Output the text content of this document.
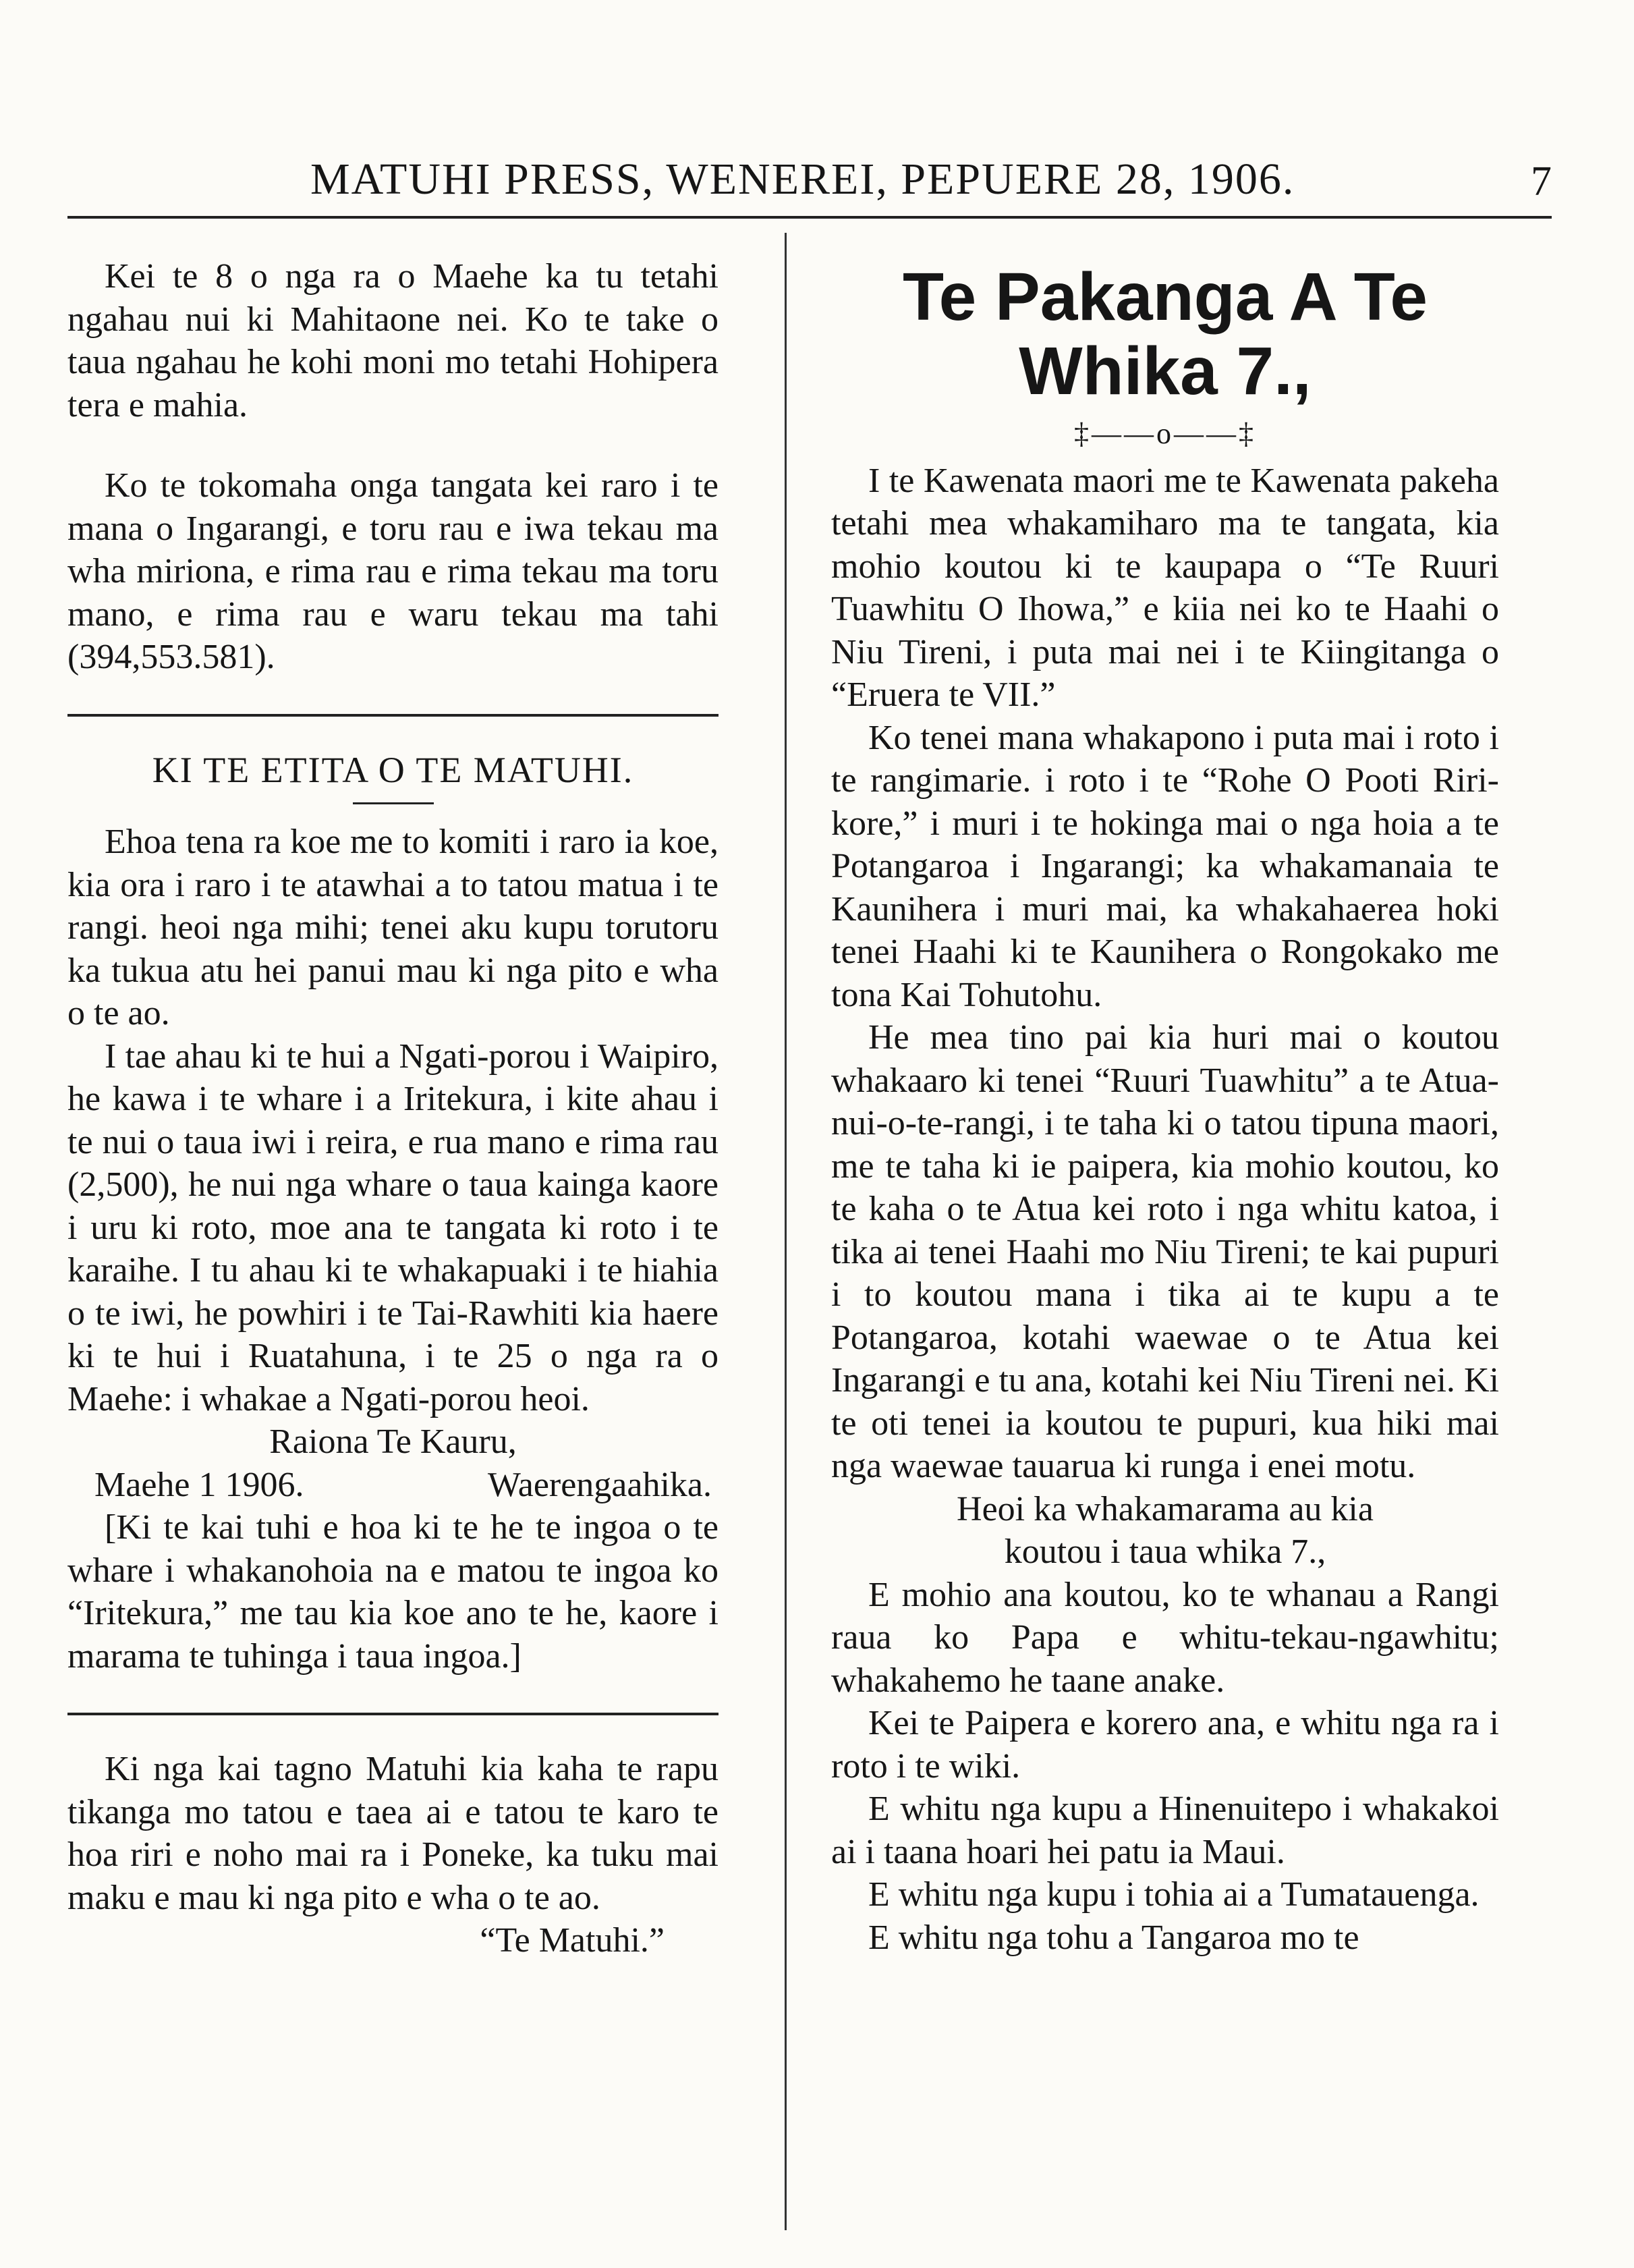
MATUHI PRESS, WENEREI, PEPUERE 28, 1906.	7

Kei te 8 o nga ra o Maehe ka tu tetahi ngahau nui ki Mahitaone nei. Ko te take o taua ngahau he kohi moni mo tetahi Hohipera tera e mahia.

Ko te tokomaha onga tangata kei raro i te mana o Ingarangi, e toru rau e iwa tekau ma wha miriona, e rima rau e rima tekau ma toru mano, e rima rau e waru tekau ma tahi (394,553.581).

KI TE ETITA O TE MATUHI.

Ehoa tena ra koe me to komiti i raro ia koe, kia ora i raro i te atawhai a to tatou matua i te rangi. heoi nga mihi; tenei aku kupu torutoru ka tukua atu hei panui mau ki nga pito e wha o te ao.

I tae ahau ki te hui a Ngati-porou i Waipiro, he kawa i te whare i a Iritekura, i kite ahau i te nui o taua iwi i reira, e rua mano e rima rau (2,500), he nui nga whare o taua kainga kaore i uru ki roto, moe ana te tangata ki roto i te karaihe. I tu ahau ki te whakapuaki i te hiahia o te iwi, he powhiri i te Tai-Rawhiti kia haere ki te hui i Ruatahuna, i te 25 o nga ra o Maehe: i whakae a Ngati-porou heoi.

Raiona Te Kauru,

Maehe 1 1906.	Waerengaahika.

[Ki te kai tuhi e hoa ki te he te ingoa o te whare i whakanohoia na e matou te ingoa ko “Iritekura,” me tau kia koe ano te he, kaore i marama te tuhinga i taua ingoa.]

Ki nga kai tagno Matuhi kia kaha te rapu tikanga mo tatou e taea ai e tatou te karo te hoa riri e noho mai ra i Poneke, ka tuku mai maku e mau ki nga pito e wha o te ao.

“Te Matuhi.”

Te Pakanga A Te Whika 7.,

‡——o——‡

I te Kawenata maori me te Kawenata pakeha tetahi mea whakamiharo ma te tangata, kia mohio koutou ki te kaupapa o “Te Ruuri Tuawhitu O Ihowa,” e kiia nei ko te Haahi o Niu Tireni, i puta mai nei i te Kiingitanga o “Eruera te VII.”

Ko tenei mana whakapono i puta mai i roto i te rangimarie. i roto i te “Rohe O Pooti Riri-kore,” i muri i te hokinga mai o nga hoia a te Potangaroa i Ingarangi; ka whakamanaia te Kaunihera i muri mai, ka whakahaerea hoki tenei Haahi ki te Kaunihera o Rongokako me tona Kai Tohutohu.

He mea tino pai kia huri mai o koutou whakaaro ki tenei “Ruuri Tuawhitu” a te Atua-nui-o-te-rangi, i te taha ki o tatou tipuna maori, me te taha ki ie paipera, kia mohio koutou, ko te kaha o te Atua kei roto i nga whitu katoa, i tika ai tenei Haahi mo Niu Tireni; te kai pupuri i to koutou mana i tika ai te kupu a te Potangaroa, kotahi waewae o te Atua kei Ingarangi e tu ana, kotahi kei Niu Tireni nei. Ki te oti tenei ia koutou te pupuri, kua hiki mai nga waewae tauarua ki runga i enei motu.

Heoi ka whakamarama au kia

koutou i taua whika 7.,

E mohio ana koutou, ko te whanau a Rangi raua ko Papa e whitu-tekau-ngawhitu; whakahemo he taane anake.

Kei te Paipera e korero ana, e whitu nga ra i roto i te wiki.

E whitu nga kupu a Hinenuitepo i whakakoi ai i taana hoari hei patu ia Maui.

E whitu nga kupu i tohia ai a Tumatauenga.

E whitu nga tohu a Tangaroa mo te
